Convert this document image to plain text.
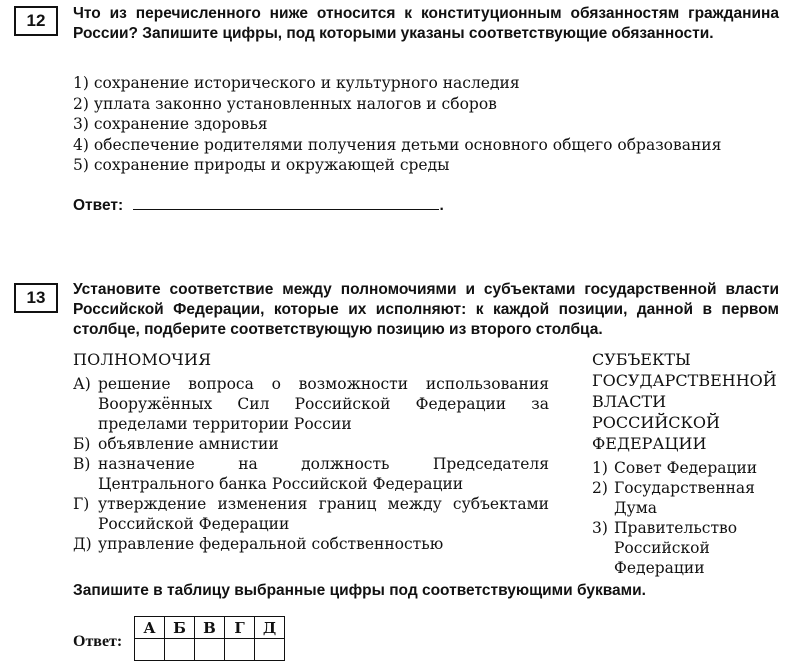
12 Что из перечисленного ниже относится к конституционным обязанностям гражданина России? Запишите цифры, под которыми указаны соответствующие обязанности.
1) сохранение исторического и культурного наследия
2) уплата законно установленных налогов и сборов
3) сохранение здоровья
4) обеспечение родителями получения детьми основного общего образования
5) сохранение природы и окружающей среды
Ответ:	.
13 Установите соответствие между полномочиями и субъектами государственной власти Российской Федерации, которые их исполняют: к каждой позиции, данной в первом столбце, подберите соответствующую позицию из второго столбца.
ПОЛНОМОЧИЯ
А) решение вопроса о возможности использования Вооружённых Сил Российской Федерации за пределами территории России
Б) объявление амнистии
В) назначение на должность Председателя Центрального банка Российской Федерации
Г) утверждение изменения границ между субъектами Российской Федерации
Д) управление федеральной собственностью
СУБЪЕКТЫ
ГОСУДАРСТВЕННОЙ
ВЛАСТИ
РОССИЙСКОЙ
ФЕДЕРАЦИИ
1) Совет Федерации
2) Государственная Дума
3) Правительство Российской Федерации
Запишите в таблицу выбранные цифры под соответствующими буквами.
Ответ:
А	Б	В	Г	Д
